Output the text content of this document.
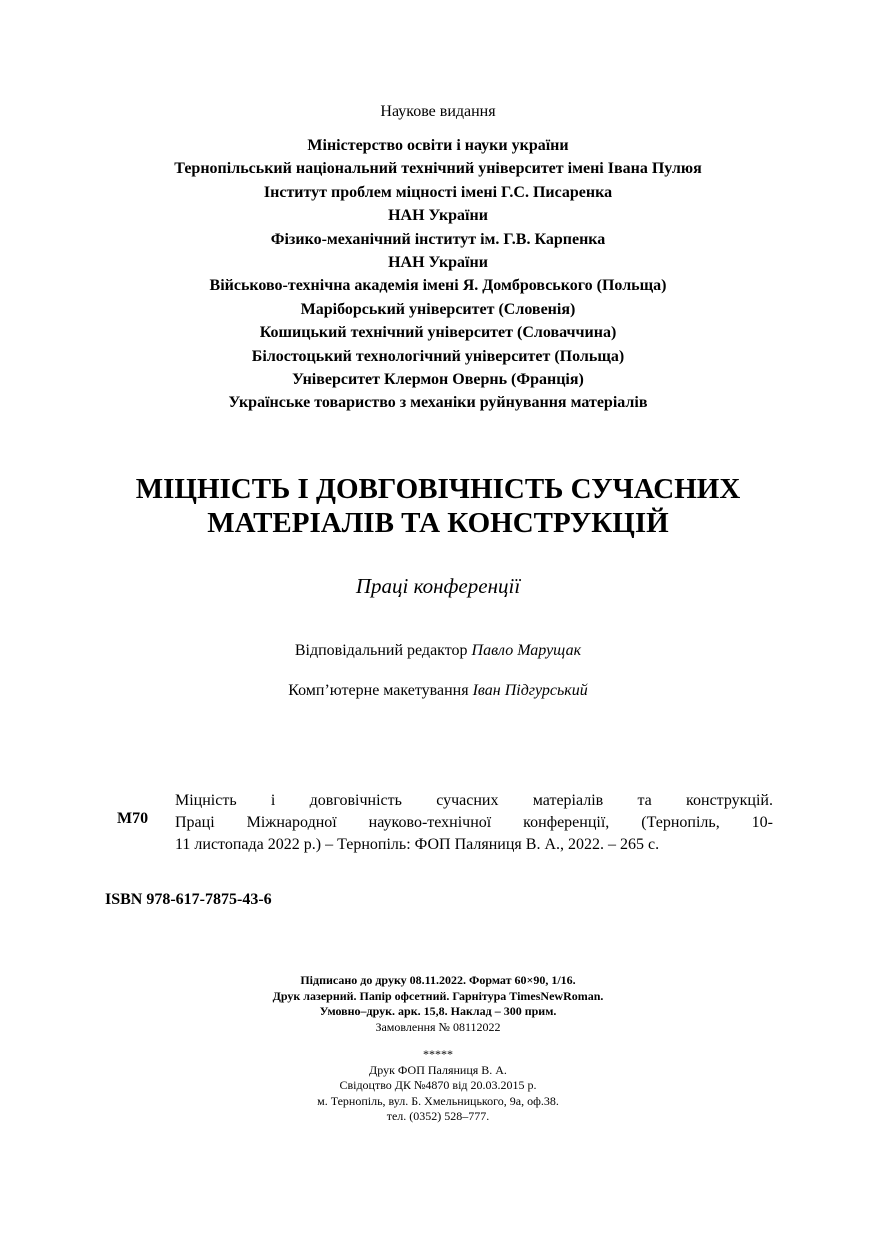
Наукове видання
Міністерство освіти і науки україни
Тернопільський національний технічний університет імені Івана Пулюя
Інститут проблем міцності імені Г.С. Писаренка
НАН України
Фізико-механічний інститут ім. Г.В. Карпенка
НАН України
Військово-технічна академія імені Я. Домбровського (Польща)
Маріборський університет (Словенія)
Кошицький технічний університет (Словаччина)
Білостоцький технологічний університет (Польща)
Університет Клермон Овернь (Франція)
Українське товариство з механіки руйнування матеріалів
МІЦНІСТЬ І ДОВГОВІЧНІСТЬ СУЧАСНИХ
МАТЕРІАЛІВ ТА КОНСТРУКЦІЙ
Праці конференції
Відповідальний редактор Павло Марущак
Комп’ютерне макетування Іван Підгурський
М70
Міцність і довговічність сучасних матеріалів та конструкцій.
Праці Міжнародної науково-технічної конференції, (Тернопіль, 10-
11 листопада 2022 р.) – Тернопіль: ФОП Паляниця В. А., 2022. – 265 с.
ISBN 978-617-7875-43-6
Підписано до друку 08.11.2022. Формат 60×90, 1/16.
Друк лазерний. Папір офсетний. Гарнітура TimesNewRoman.
Умовно–друк. арк. 15,8. Наклад – 300 прим.
Замовлення № 08112022
*****
Друк ФОП Паляниця В. А.
Свідоцтво ДК №4870 від 20.03.2015 р.
м. Тернопіль, вул. Б. Хмельницького, 9а, оф.38.
тел. (0352) 528–777.
